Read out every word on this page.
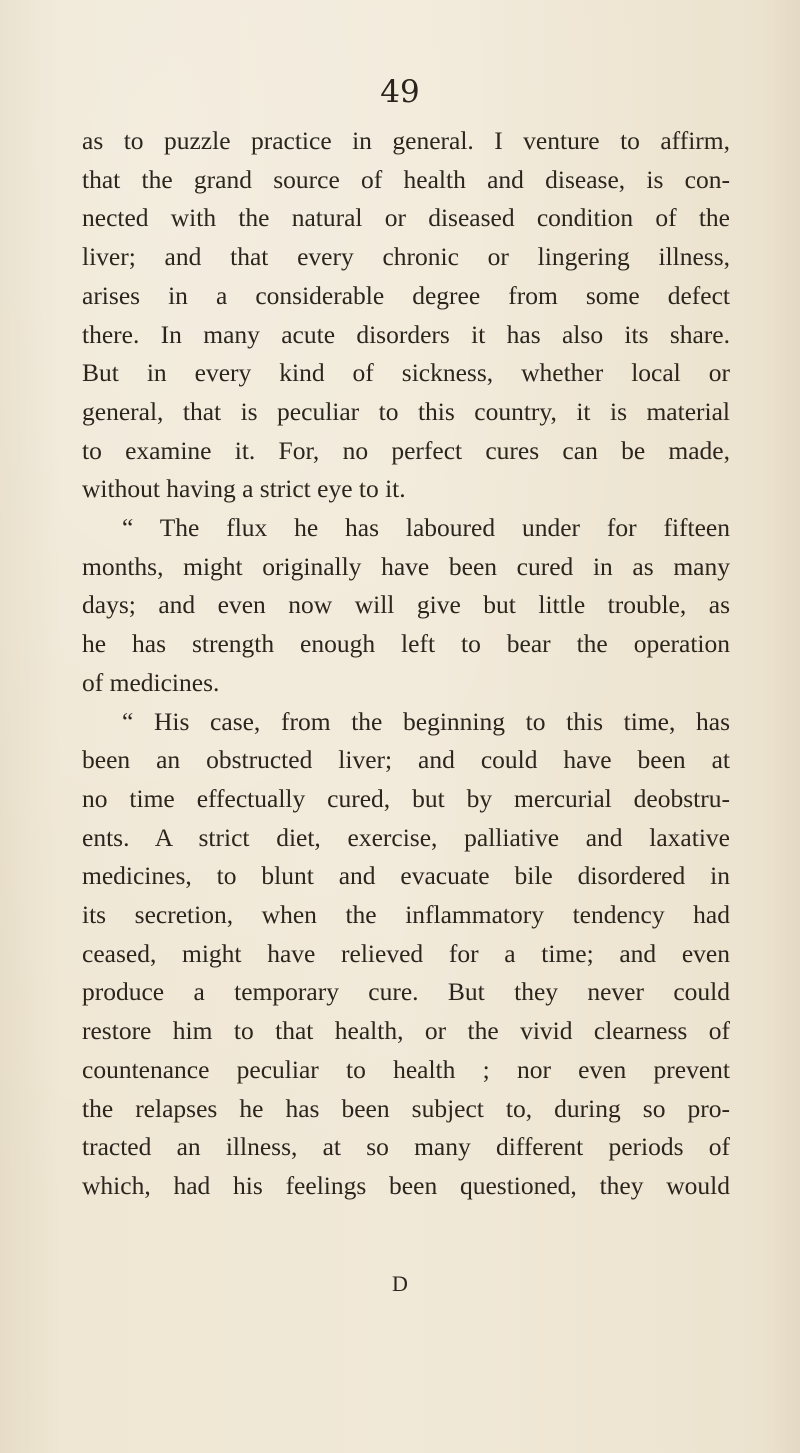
49
as to puzzle practice in general. I venture to affirm,
that the grand source of health and disease, is con-
nected with the natural or diseased condition of the
liver; and that every chronic or lingering illness,
arises in a considerable degree from some defect
there. In many acute disorders it has also its share.
But in every kind of sickness, whether local or
general, that is peculiar to this country, it is material
to examine it. For, no perfect cures can be made,
without having a strict eye to it.
“ The flux he has laboured under for fifteen
months, might originally have been cured in as many
days; and even now will give but little trouble, as
he has strength enough left to bear the operation
of medicines.
“ His case, from the beginning to this time, has
been an obstructed liver; and could have been at
no time effectually cured, but by mercurial deobstru-
ents. A strict diet, exercise, palliative and laxative
medicines, to blunt and evacuate bile disordered in
its secretion, when the inflammatory tendency had
ceased, might have relieved for a time; and even
produce a temporary cure. But they never could
restore him to that health, or the vivid clearness of
countenance peculiar to health ; nor even prevent
the relapses he has been subject to, during so pro-
tracted an illness, at so many different periods of
which, had his feelings been questioned, they would
D
